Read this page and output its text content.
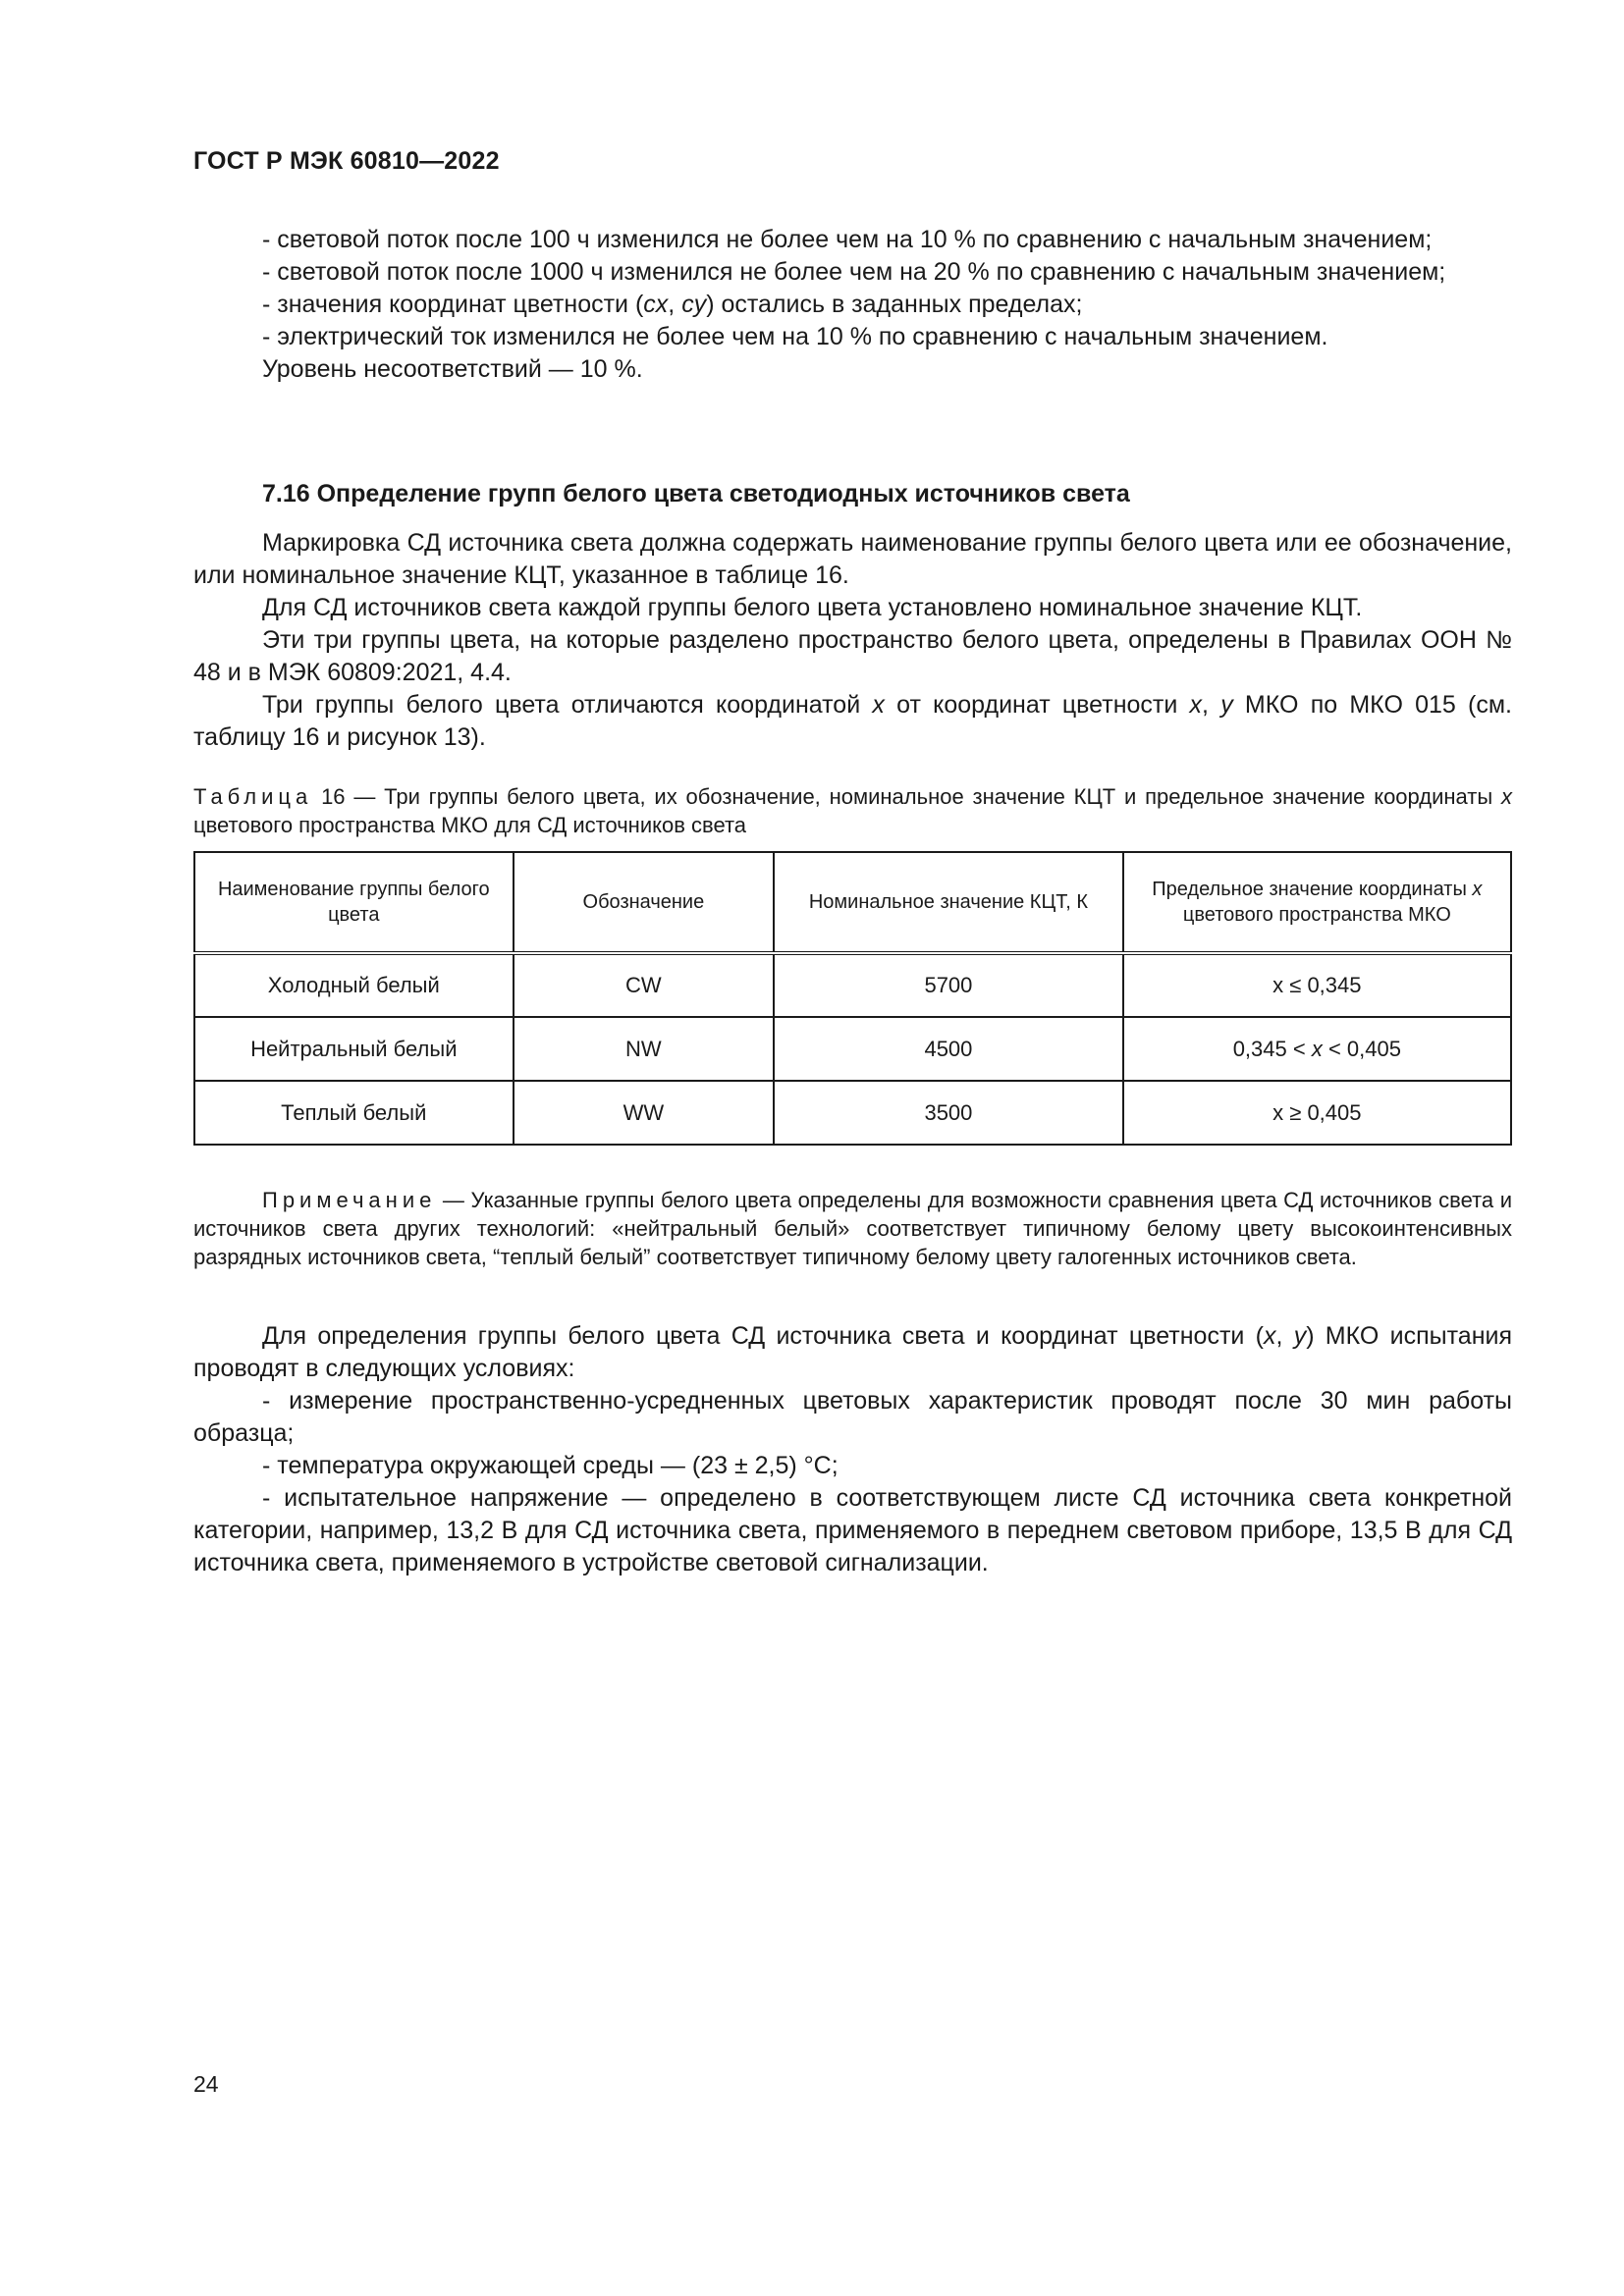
ГОСТ Р МЭК 60810—2022

- световой поток после 100 ч изменился не более чем на 10 % по сравнению с начальным значением;

- световой поток после 1000 ч изменился не более чем на 20 % по сравнению с начальным значением;

- значения координат цветности (cx, cy) остались в заданных пределах;

- электрический ток изменился не более чем на 10 % по сравнению с начальным значением.

Уровень несоответствий — 10 %.

7.16 Определение групп белого цвета светодиодных источников света

Маркировка СД источника света должна содержать наименование группы белого цвета или ее обозначение, или номинальное значение КЦТ, указанное в таблице 16.

Для СД источников света каждой группы белого цвета установлено номинальное значение КЦТ.

Эти три группы цвета, на которые разделено пространство белого цвета, определены в Правилах ООН № 48 и в МЭК 60809:2021, 4.4.

Три группы белого цвета отличаются координатой x от координат цветности x, y МКО по МКО 015 (см. таблицу 16 и рисунок 13).

Таблица 16 — Три группы белого цвета, их обозначение, номинальное значение КЦТ и предельное значение координаты x цветового пространства МКО для СД источников света
Наименование группы белого цвета	Обозначение	Номинальное значение КЦТ, К	Предельное значение координаты x цветового пространства МКО
Холодный белый	CW	5700	x ≤ 0,345
Нейтральный белый	NW	4500	0,345 < x < 0,405
Теплый белый	WW	3500	x ≥ 0,405

Примечание — Указанные группы белого цвета определены для возможности сравнения цвета СД источников света и источников света других технологий: «нейтральный белый» соответствует типичному белому цвету высокоинтенсивных разрядных источников света, “теплый белый” соответствует типичному белому цвету галогенных источников света.

Для определения группы белого цвета СД источника света и координат цветности (x, y) МКО испытания проводят в следующих условиях:

- измерение пространственно-усредненных цветовых характеристик проводят после 30 мин работы образца;

- температура окружающей среды — (23 ± 2,5) °C;

- испытательное напряжение — определено в соответствующем листе СД источника света конкретной категории, например, 13,2 В для СД источника света, применяемого в переднем световом приборе, 13,5 В для СД источника света, применяемого в устройстве световой сигнализации.

24
